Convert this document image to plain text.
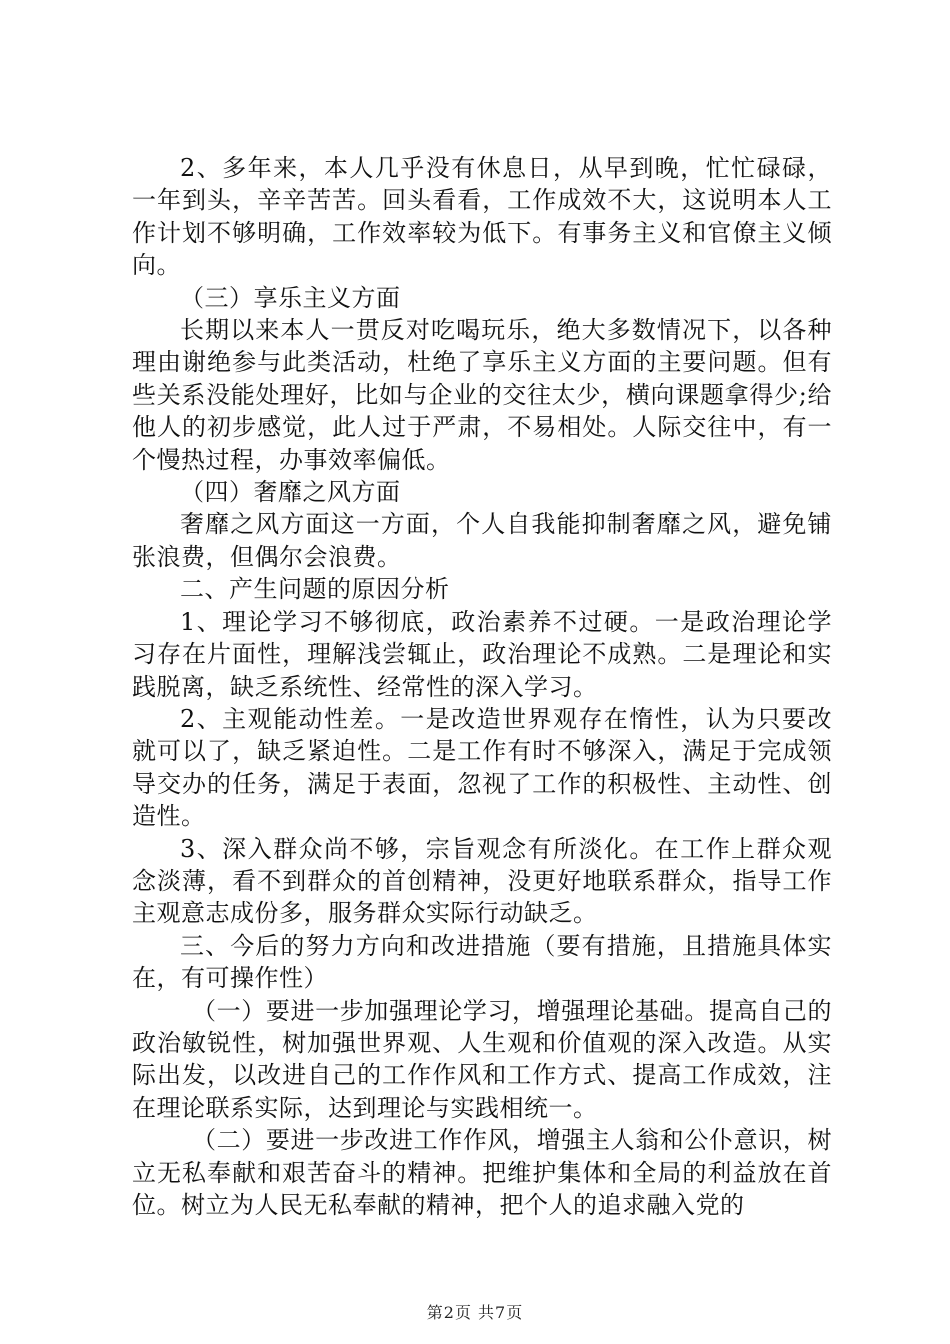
2、多年来，本人几乎没有休息日，从早到晚，忙忙碌碌，一年到头，辛辛苦苦。回头看看，工作成效不大，这说明本人工作计划不够明确，工作效率较为低下。有事务主义和官僚主义倾向。

（三）享乐主义方面

长期以来本人一贯反对吃喝玩乐，绝大多数情况下，以各种理由谢绝参与此类活动，杜绝了享乐主义方面的主要问题。但有些关系没能处理好，比如与企业的交往太少，横向课题拿得少;给他人的初步感觉，此人过于严肃，不易相处。人际交往中，有一个慢热过程，办事效率偏低。

（四）奢靡之风方面

奢靡之风方面这一方面，个人自我能抑制奢靡之风，避免铺张浪费，但偶尔会浪费。

二、产生问题的原因分析

1、理论学习不够彻底，政治素养不过硬。一是政治理论学习存在片面性，理解浅尝辄止，政治理论不成熟。二是理论和实践脱离，缺乏系统性、经常性的深入学习。

2、主观能动性差。一是改造世界观存在惰性，认为只要改就可以了，缺乏紧迫性。二是工作有时不够深入，满足于完成领导交办的任务，满足于表面，忽视了工作的积极性、主动性、创造性。

3、深入群众尚不够，宗旨观念有所淡化。在工作上群众观念淡薄，看不到群众的首创精神，没更好地联系群众，指导工作主观意志成份多，服务群众实际行动缺乏。

三、今后的努力方向和改进措施（要有措施，且措施具体实在，有可操作性）

（一）要进一步加强理论学习，增强理论基础。提高自己的政治敏锐性，树加强世界观、人生观和价值观的深入改造。从实际出发，以改进自己的工作作风和工作方式、提高工作成效，注在理论联系实际，达到理论与实践相统一。

（二）要进一步改进工作作风，增强主人翁和公仆意识，树立无私奉献和艰苦奋斗的精神。把维护集体和全局的利益放在首位。树立为人民无私奉献的精神，把个人的追求融入党的

第2页 共7页
